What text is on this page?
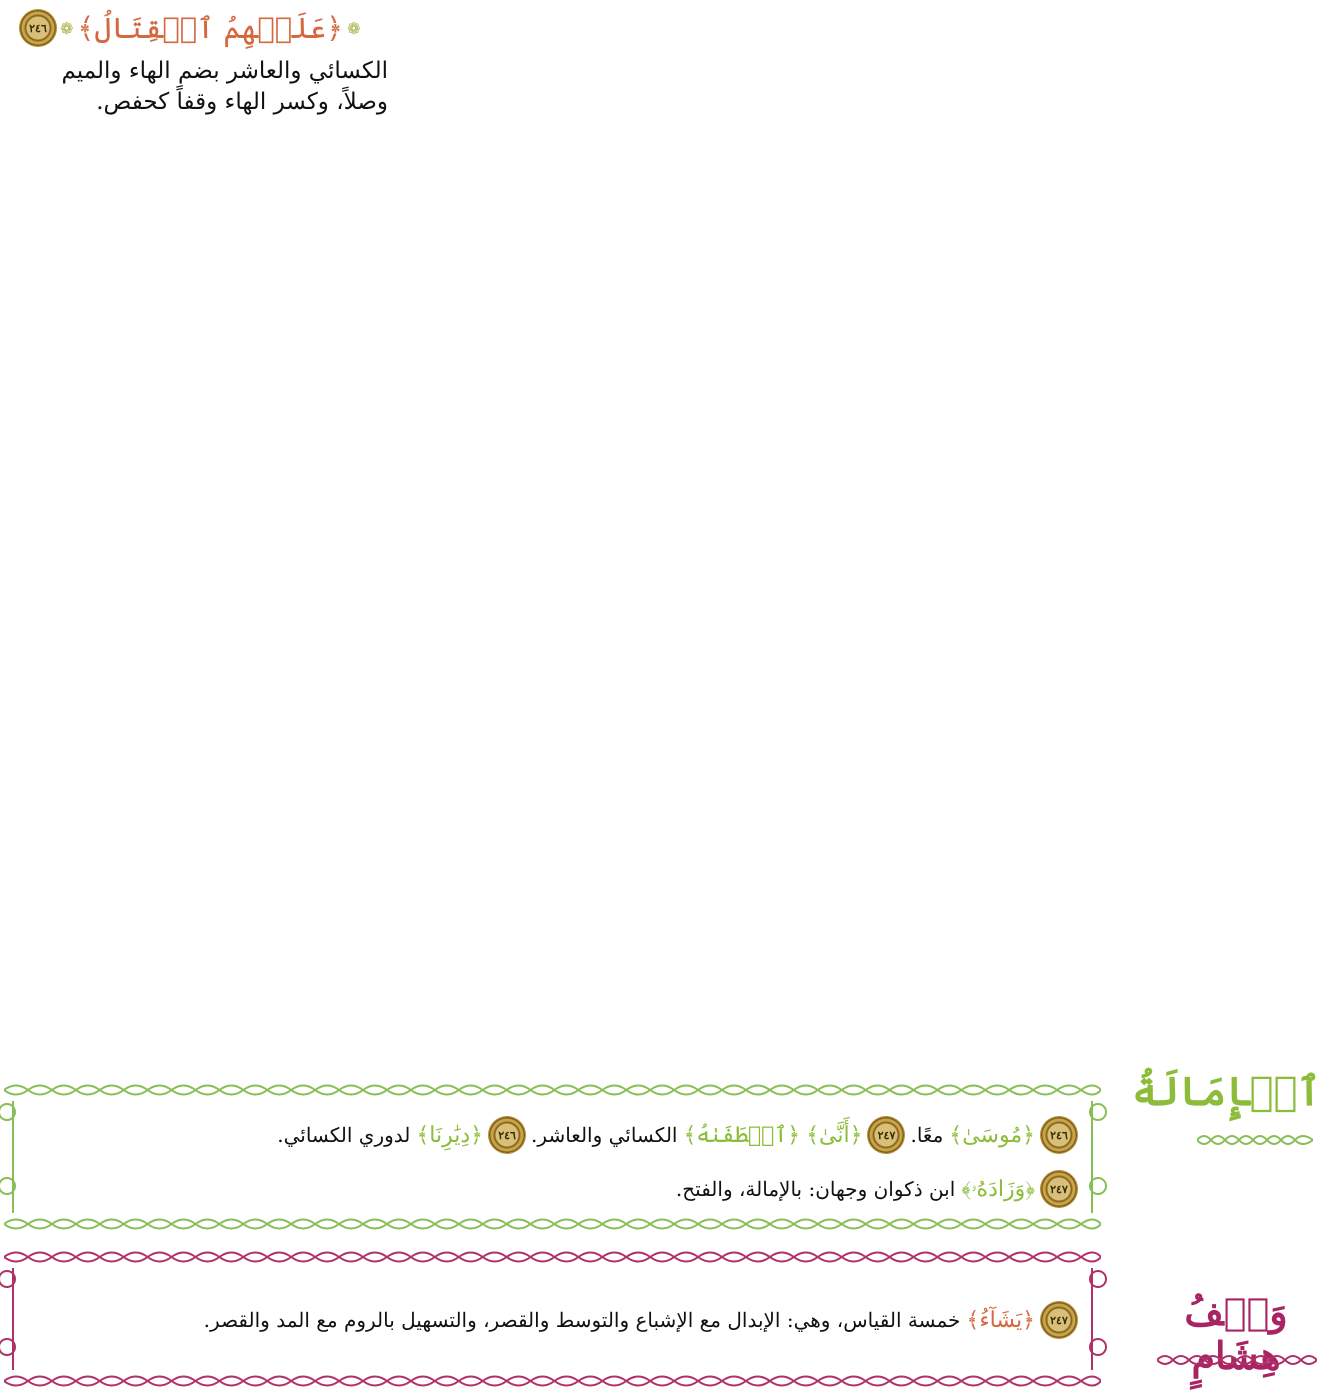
❁
﴿عَلَيۡهِمُ ٱلۡقِتَالُ﴾
❁
٢٤٦
الكسائي والعاشر بضم الهاء والميم
وصلاً، وكسر الهاء وقفاً كحفص.
٢٤٦
﴿مُوسَىٰ﴾
معًا.
٢٤٧
﴿أَنَّىٰ﴾
﴿ٱصۡطَفَىٰهُ﴾
الكسائي والعاشر.
٢٤٦
﴿دِيَٰرِنَا﴾
لدوري الكسائي.
٢٤٧
﴿وَزَادَهُۥ﴾
ابن ذكوان وجهان: بالإمالة، والفتح.
ٱلۡإِمَالَةُ
٢٤٧
﴿يَشَآءُ﴾
خمسة القياس، وهي: الإبدال مع الإشباع والتوسط والقصر، والتسهيل بالروم مع المد والقصر.	وَقۡفُ هِشَامٍ
